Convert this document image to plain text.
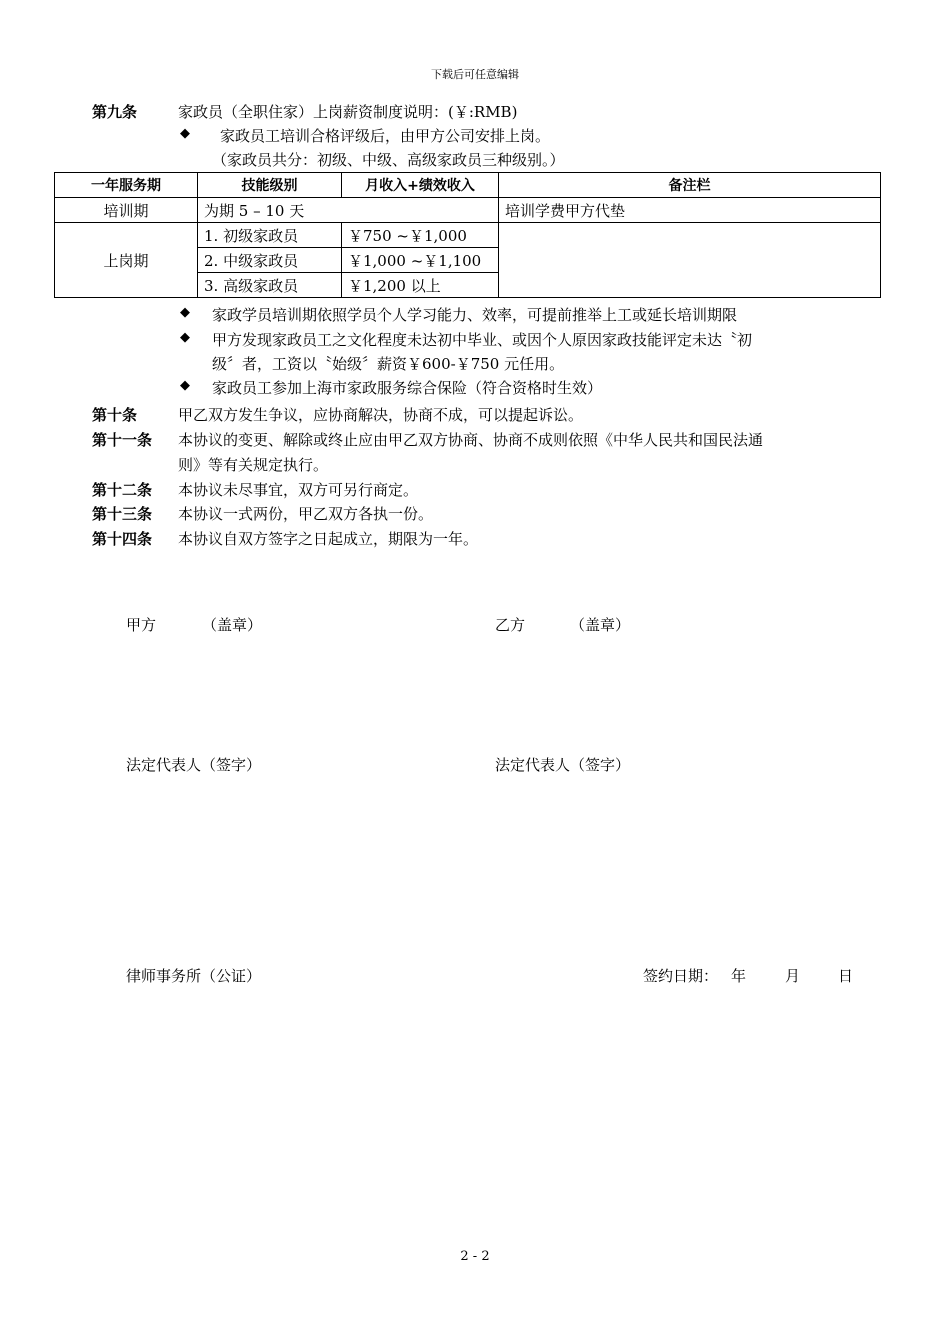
下载后可任意编辑
第九条	家政员（全职住家）上岗薪资制度说明：(￥:RMB)
◆ 家政员工培训合格评级后，由甲方公司安排上岗。
（家政员共分：初级、中级、高级家政员三种级别。）
一年服务期	技能级别	月收入+绩效收入	备注栏
培训期	为期 5 – 10 天		培训学费甲方代垫
上岗期	1. 初级家政员	￥750 ~￥1,000	
	2. 中级家政员	￥1,000 ~￥1,100	
	3. 高级家政员	￥1,200 以上	
◆ 家政学员培训期依照学员个人学习能力、效率，可提前推举上工或延长培训期限
◆ 甲方发现家政员工之文化程度未达初中毕业、或因个人原因家政技能评定未达〝初
级〞者，工资以〝始级〞薪资￥600-￥750 元任用。
◆ 家政员工参加上海市家政服务综合保险（符合资格时生效）
第十条	甲乙双方发生争议，应协商解决，协商不成，可以提起诉讼。
第十一条 本协议的变更、解除或终止应由甲乙双方协商、协商不成则依照《中华人民共和国民法通
则》等有关规定执行。
第十二条 本协议未尽事宜，双方可另行商定。
第十三条 本协议一式两份，甲乙双方各执一份。
第十四条 本协议自双方签字之日起成立，期限为一年。
甲方	（盖章）	乙方	（盖章）
法定代表人（签字）	法定代表人（签字）
律师事务所（公证）	签约日期： 年	月	日
2 - 2
